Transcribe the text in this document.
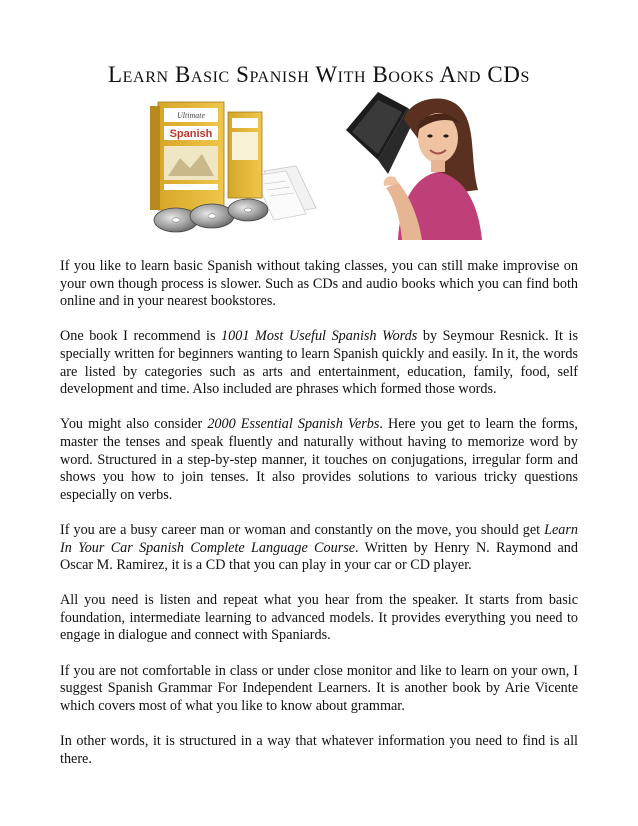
Learn Basic Spanish With Books And CDs
Ultimate
Spanish

If you like to learn basic Spanish without taking classes, you can still make improvise on your own though process is slower. Such as CDs and audio books which you can find both online and in your nearest bookstores.

One book I recommend is 1001 Most Useful Spanish Words by Seymour Resnick. It is specially written for beginners wanting to learn Spanish quickly and easily. In it, the words are listed by categories such as arts and entertainment, education, family, food, self development and time. Also included are phrases which formed those words.

You might also consider 2000 Essential Spanish Verbs. Here you get to learn the forms, master the tenses and speak fluently and naturally without having to memorize word by word. Structured in a step-by-step manner, it touches on conjugations, irregular form and shows you how to join tenses. It also provides solutions to various tricky questions especially on verbs.

If you are a busy career man or woman and constantly on the move, you should get Learn In Your Car Spanish Complete Language Course. Written by Henry N. Raymond and Oscar M. Ramirez, it is a CD that you can play in your car or CD player.

All you need is listen and repeat what you hear from the speaker. It starts from basic foundation, intermediate learning to advanced models. It provides everything you need to engage in dialogue and connect with Spaniards.

If you are not comfortable in class or under close monitor and like to learn on your own, I suggest Spanish Grammar For Independent Learners. It is another book by Arie Vicente which covers most of what you like to know about grammar.

In other words, it is structured in a way that whatever information you need to find is all there.
